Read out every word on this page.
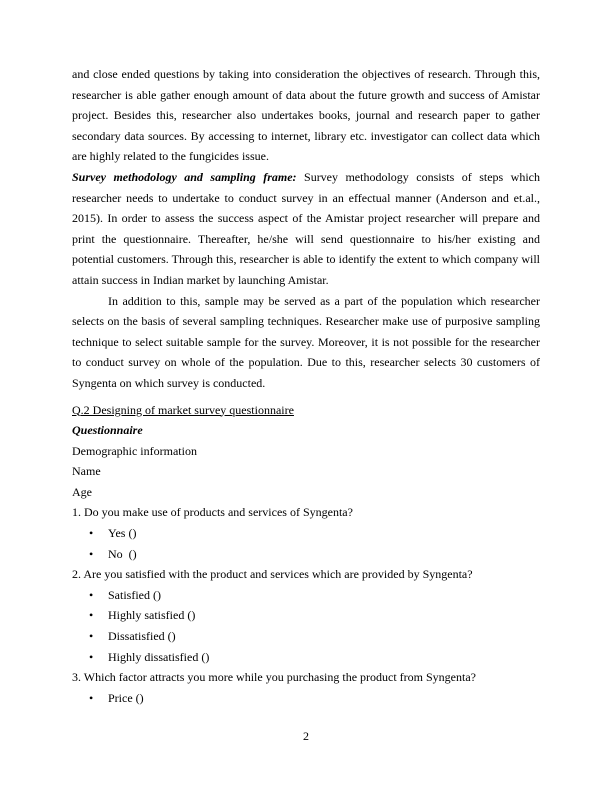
and close ended questions by taking into consideration the objectives of research. Through this, researcher is able gather enough amount of data about the future growth and success of Amistar project. Besides this, researcher also undertakes books, journal and research paper to gather secondary data sources. By accessing to internet, library etc. investigator can collect data which are highly related to the fungicides issue.

Survey methodology and sampling frame: Survey methodology consists of steps which researcher needs to undertake to conduct survey in an effectual manner (Anderson and et.al., 2015). In order to assess the success aspect of the Amistar project researcher will prepare and print the questionnaire. Thereafter, he/she will send questionnaire to his/her existing and potential customers. Through this, researcher is able to identify the extent to which company will attain success in Indian market by launching Amistar.

In addition to this, sample may be served as a part of the population which researcher selects on the basis of several sampling techniques. Researcher make use of purposive sampling technique to select suitable sample for the survey. Moreover, it is not possible for the researcher to conduct survey on whole of the population. Due to this, researcher selects 30 customers of Syngenta on which survey is conducted.

Q.2 Designing of market survey questionnaire

Questionnaire

Demographic information

Name

Age

1. Do you make use of products and services of Syngenta?

• Yes ()
• No  ()

2. Are you satisfied with the product and services which are provided by Syngenta?

• Satisfied ()
• Highly satisfied ()
• Dissatisfied ()
• Highly dissatisfied ()

3. Which factor attracts you more while you purchasing the product from Syngenta?

• Price ()
2
